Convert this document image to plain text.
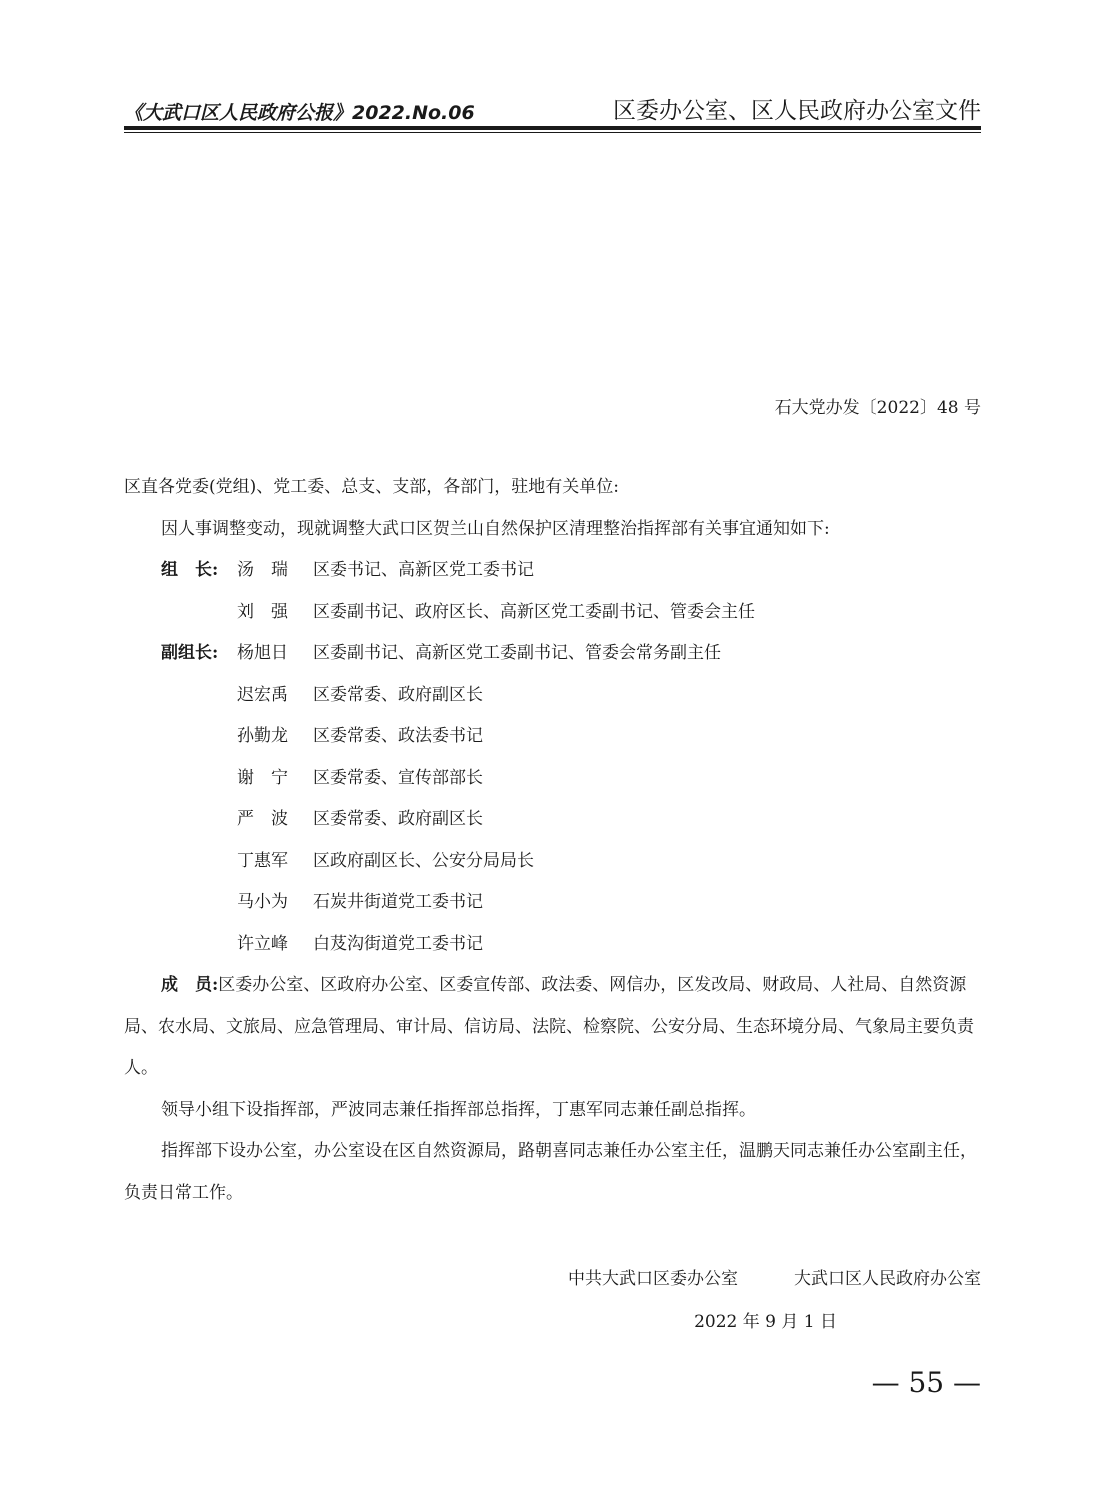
《大武口区人民政府公报》2022.No.06	区委办公室、区人民政府办公室文件
石大党办发〔2022〕48 号

区直各党委(党组)、党工委、总支、支部，各部门，驻地有关单位:

因人事调整变动，现就调整大武口区贺兰山自然保护区清理整治指挥部有关事宜通知如下:

组　长:	汤　瑞	区委书记、高新区党工委书记
刘　强	区委副书记、政府区长、高新区党工委副书记、管委会主任
副组长:	杨旭日	区委副书记、高新区党工委副书记、管委会常务副主任
迟宏禹	区委常委、政府副区长
孙勤龙	区委常委、政法委书记
谢　宁	区委常委、宣传部部长
严　波	区委常委、政府副区长
丁惠军	区政府副区长、公安分局局长
马小为	石炭井街道党工委书记
许立峰	白芨沟街道党工委书记

成　员:区委办公室、区政府办公室、区委宣传部、政法委、网信办，区发改局、财政局、人社局、自然资源局、农水局、文旅局、应急管理局、审计局、信访局、法院、检察院、公安分局、生态环境分局、气象局主要负责人。

领导小组下设指挥部，严波同志兼任指挥部总指挥，丁惠军同志兼任副总指挥。

指挥部下设办公室，办公室设在区自然资源局，路朝喜同志兼任办公室主任，温鹏天同志兼任办公室副主任，负责日常工作。

中共大武口区委办公室	大武口区人民政府办公室
2022 年 9 月 1 日
— 55 —
